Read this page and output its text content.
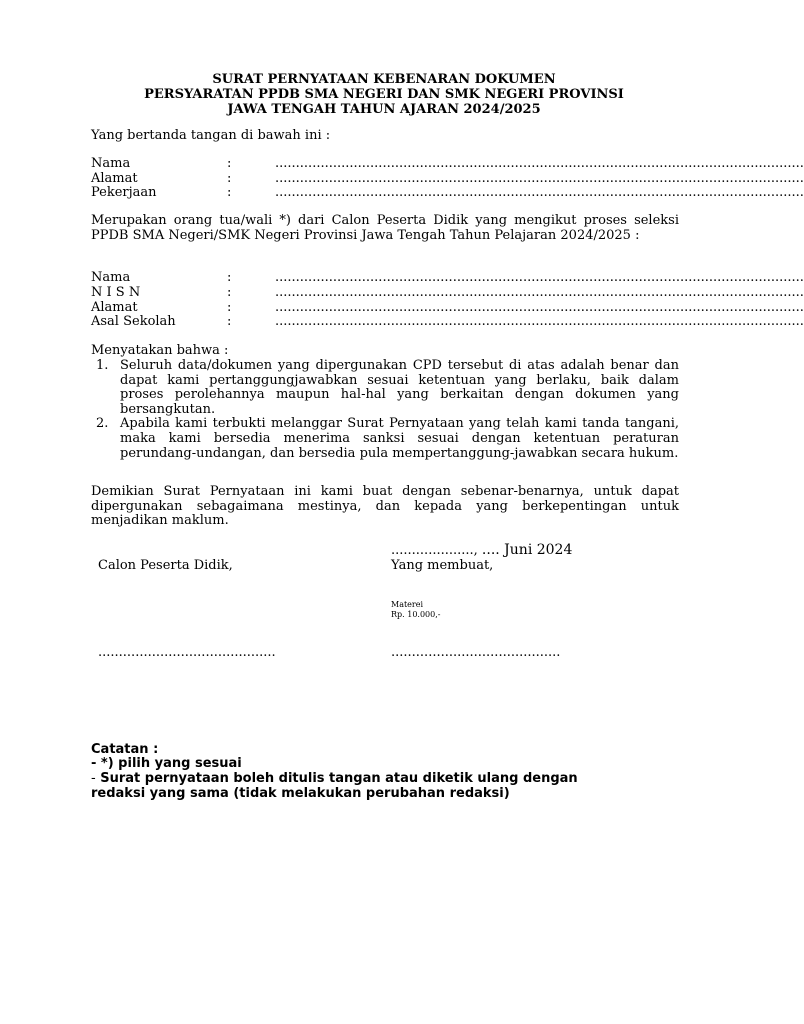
SURAT PERNYATAAN KEBENARAN DOKUMEN
PERSYARATAN PPDB SMA NEGERI DAN SMK NEGERI PROVINSI
JAWA TENGAH TAHUN AJARAN 2024/2025
Yang bertanda tangan di bawah ini :
Nama	:	................................................................................................................................
Alamat	:	................................................................................................................................
Pekerjaan	:	................................................................................................................................
Merupakan orang tua/wali *) dari Calon Peserta Didik yang mengikut proses seleksi PPDB SMA Negeri/SMK Negeri Provinsi Jawa Tengah Tahun Pelajaran 2024/2025 :
Nama	:	................................................................................................................................
N I S N	:	................................................................................................................................
Alamat	:	................................................................................................................................
Asal Sekolah	:	................................................................................................................................
Menyatakan bahwa :
1. Seluruh data/dokumen yang dipergunakan CPD tersebut di atas adalah benar dan dapat kami pertanggungjawabkan sesuai ketentuan yang berlaku, baik dalam proses perolehannya maupun hal-hal yang berkaitan dengan dokumen yang bersangkutan.
2. Apabila kami terbukti melanggar Surat Pernyataan yang telah kami tanda tangani, maka kami bersedia menerima sanksi sesuai dengan ketentuan peraturan perundang-undangan, dan bersedia pula mempertanggung-jawabkan secara hukum.
Demikian Surat Pernyataan ini kami buat dengan sebenar-benarnya, untuk dapat dipergunakan sebagaimana mestinya, dan kepada yang berkepentingan untuk menjadikan maklum.
...................., .... Juni 2024
Calon Peserta Didik,	Yang membuat,
Materei
Rp. 10.000,-
...........................................	.........................................
Catatan :
- *) pilih yang sesuai
- Surat pernyataan boleh ditulis tangan atau diketik ulang dengan
redaksi yang sama (tidak melakukan perubahan redaksi)
